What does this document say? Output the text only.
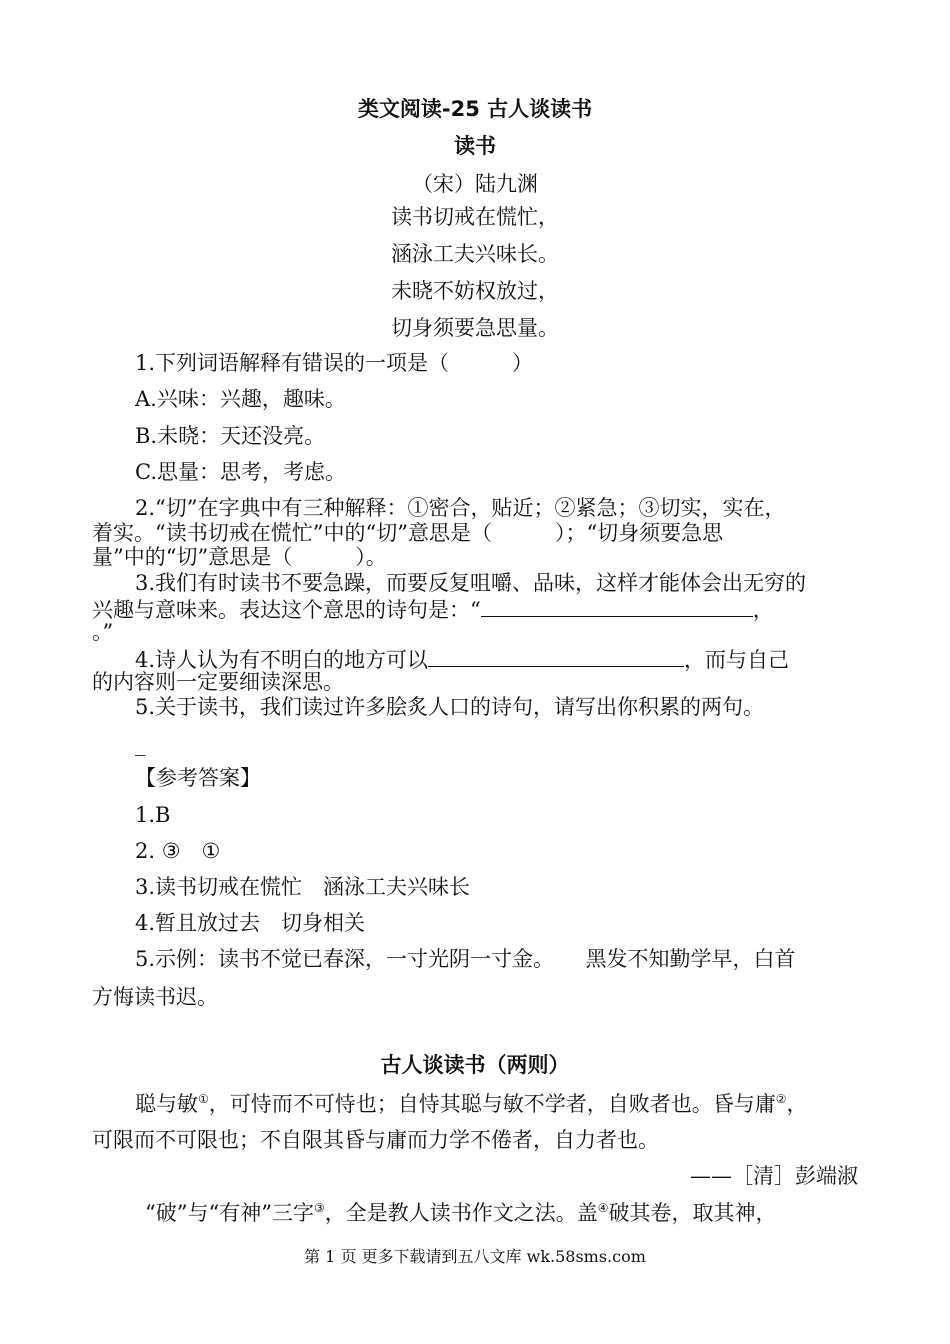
类文阅读-25 古人谈读书
读书
（宋）陆九渊
读书切戒在慌忙，
涵泳工夫兴味长。
未晓不妨权放过，
切身须要急思量。
1.下列词语解释有错误的一项是（　　　）
A.兴味：兴趣，趣味。
B.未晓：天还没亮。
C.思量：思考，考虑。
2.“切”在字典中有三种解释：①密合，贴近；②紧急；③切实，实在，
着实。“读书切戒在慌忙”中的“切”意思是（　　　）；“切身须要急思
量”中的“切”意思是（　　　）。
3.我们有时读书不要急躁，而要反复咀嚼、品味，这样才能体会出无穷的
兴趣与意味来。表达这个意思的诗句是：“	，
。”
4.诗人认为有不明白的地方可以	，而与自己
的内容则一定要细读深思。
5.关于读书，我们读过许多脍炙人口的诗句，请写出你积累的两句。
_
【参考答案】
1.B
2. ③　①
3.读书切戒在慌忙　涵泳工夫兴味长
4.暂且放过去　切身相关
5.示例：读书不觉已春深，一寸光阴一寸金。　　黑发不知勤学早，白首
方悔读书迟。
古人谈读书（两则）
聪与敏①，可恃而不可恃也；自恃其聪与敏不学者，自败者也。昏与庸②，
可限而不可限也；不自限其昏与庸而力学不倦者，自力者也。
——［清］彭端淑
“破”与“有神”三字③，全是教人读书作文之法。盖④破其卷，取其神，
第 1 页 更多下载请到五八文库 wk.58sms.com
